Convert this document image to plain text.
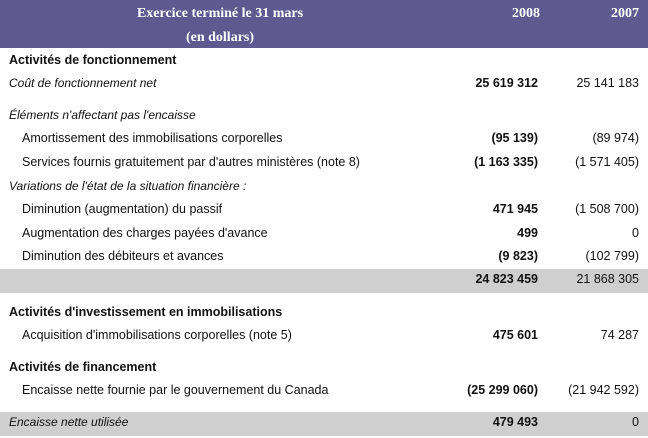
Exercice terminé le 31 mars
(en dollars)
2008	2007
Activités de fonctionnement
Coût de fonctionnement net	25 619 312	25 141 183
Éléments n'affectant pas l'encaisse
Amortissement des immobilisations corporelles	(95 139)	(89 974)
Services fournis gratuitement par d'autres ministères (note 8)	(1 163 335)	(1 571 405)
Variations de l'état de la situation financière :
Diminution (augmentation) du passif	471 945	(1 508 700)
Augmentation des charges payées d'avance	499	0
Diminution des débiteurs et avances	(9 823)	(102 799)
24 823 459	21 868 305
Activités d'investissement en immobilisations
Acquisition d'immobilisations corporelles (note 5)	475 601	74 287
Activités de financement
Encaisse nette fournie par le gouvernement du Canada	(25 299 060) (21 942 592)
Encaisse nette utilisée	479 493	0
